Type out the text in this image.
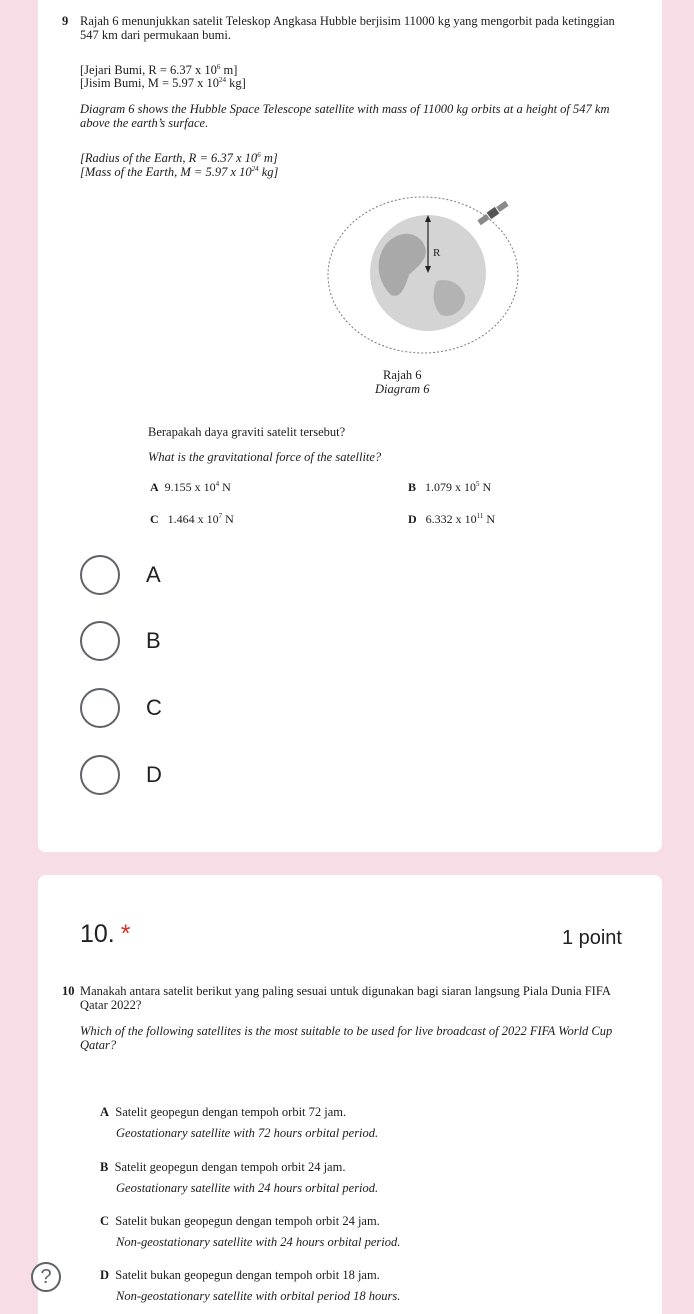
9 Rajah 6 menunjukkan satelit Teleskop Angkasa Hubble berjisim 11000 kg yang mengorbit pada ketinggian 547 km dari permukaan bumi.
[Jejari Bumi, R = 6.37 x $10^6$ m]
[Jisim Bumi, M = 5.97 x $10^{24}$ kg]
Diagram 6 shows the Hubble Space Telescope satellite with mass of 11000 kg orbits at a height of 547 km above the earth’s surface.
[Radius of the Earth, R = 6.37 x $10^6$ m]
[Mass of the Earth, M = 5.97 x $10^{24}$ kg]
R
Rajah 6
Diagram 6
Berapakah daya graviti satelit tersebut?
What is the gravitational force of the satellite?
A 9.155 x $10^4$ N	B 1.079 x $10^5$ N
C 1.464 x $10^7$ N	D 6.332 x $10^{11}$ N
A
B
C
D
10. *	1 point
10 Manakah antara satelit berikut yang paling sesuai untuk digunakan bagi siaran langsung Piala Dunia FIFA Qatar 2022?
Which of the following satellites is the most suitable to be used for live broadcast of 2022 FIFA World Cup Qatar?
A Satelit geopegun dengan tempoh orbit 72 jam.
Geostationary satellite with 72 hours orbital period.
B Satelit geopegun dengan tempoh orbit 24 jam.
Geostationary satellite with 24 hours orbital period.
C Satelit bukan geopegun dengan tempoh orbit 24 jam.
Non-geostationary satellite with 24 hours orbital period.
D Satelit bukan geopegun dengan tempoh orbit 18 jam.
Non-geostationary satellite with orbital period 18 hours.
?
